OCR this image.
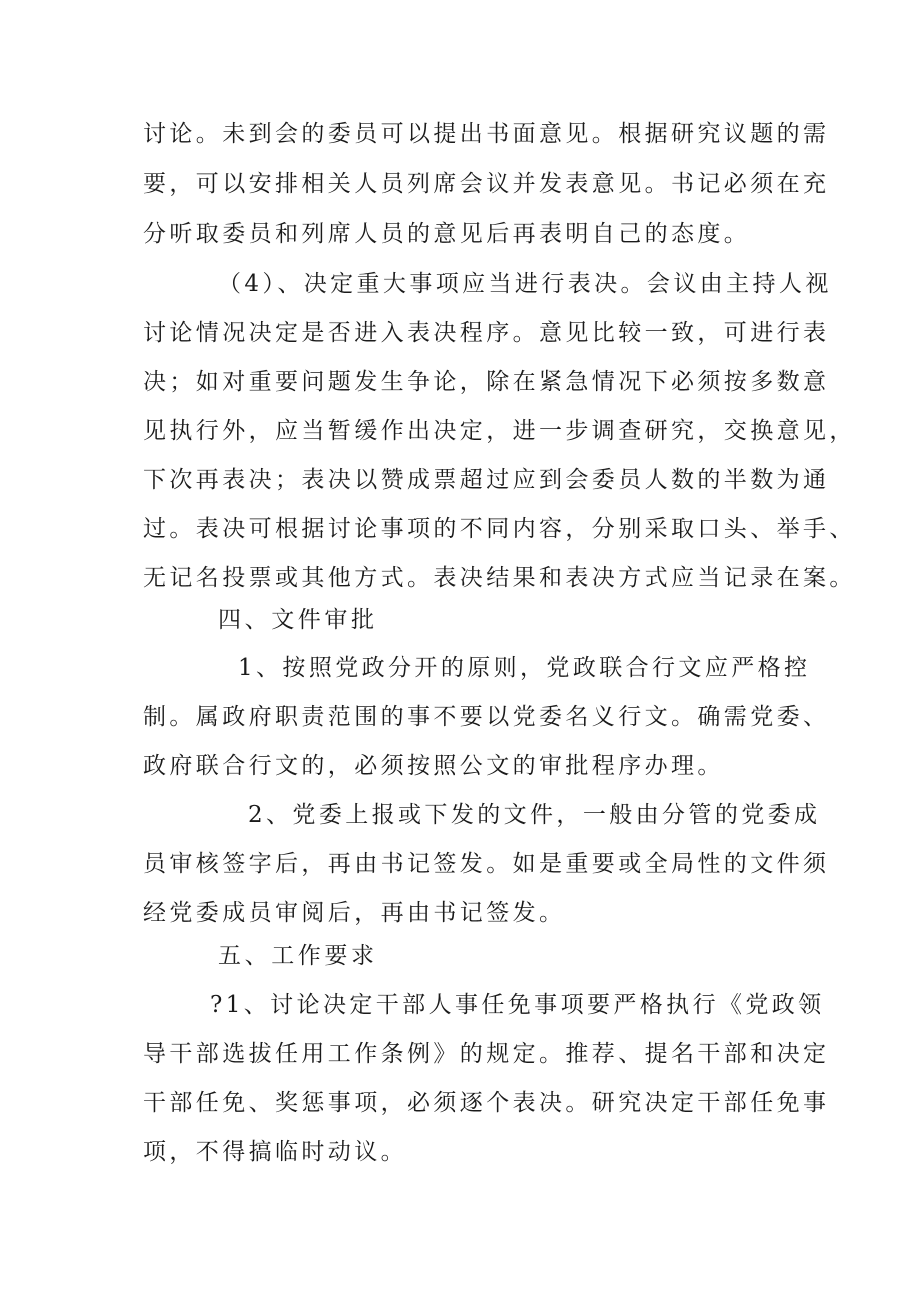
讨论。未到会的委员可以提出书面意见。根据研究议题的需
要，可以安排相关人员列席会议并发表意见。书记必须在充
分听取委员和列席人员的意见后再表明自己的态度。
（4）、决定重大事项应当进行表决。会议由主持人视
讨论情况决定是否进入表决程序。意见比较一致，可进行表
决；如对重要问题发生争论，除在紧急情况下必须按多数意
见执行外，应当暂缓作出决定，进一步调查研究，交换意见，
下次再表决；表决以赞成票超过应到会委员人数的半数为通
过。表决可根据讨论事项的不同内容，分别采取口头、举手、
无记名投票或其他方式。表决结果和表决方式应当记录在案。
四、文件审批
1、按照党政分开的原则，党政联合行文应严格控
制。属政府职责范围的事不要以党委名义行文。确需党委、
政府联合行文的，必须按照公文的审批程序办理。
2、党委上报或下发的文件，一般由分管的党委成
员审核签字后，再由书记签发。如是重要或全局性的文件须
经党委成员审阅后，再由书记签发。
五、工作要求
?1、讨论决定干部人事任免事项要严格执行《党政领
导干部选拔任用工作条例》的规定。推荐、提名干部和决定
干部任免、奖惩事项，必须逐个表决。研究决定干部任免事
项，不得搞临时动议。
